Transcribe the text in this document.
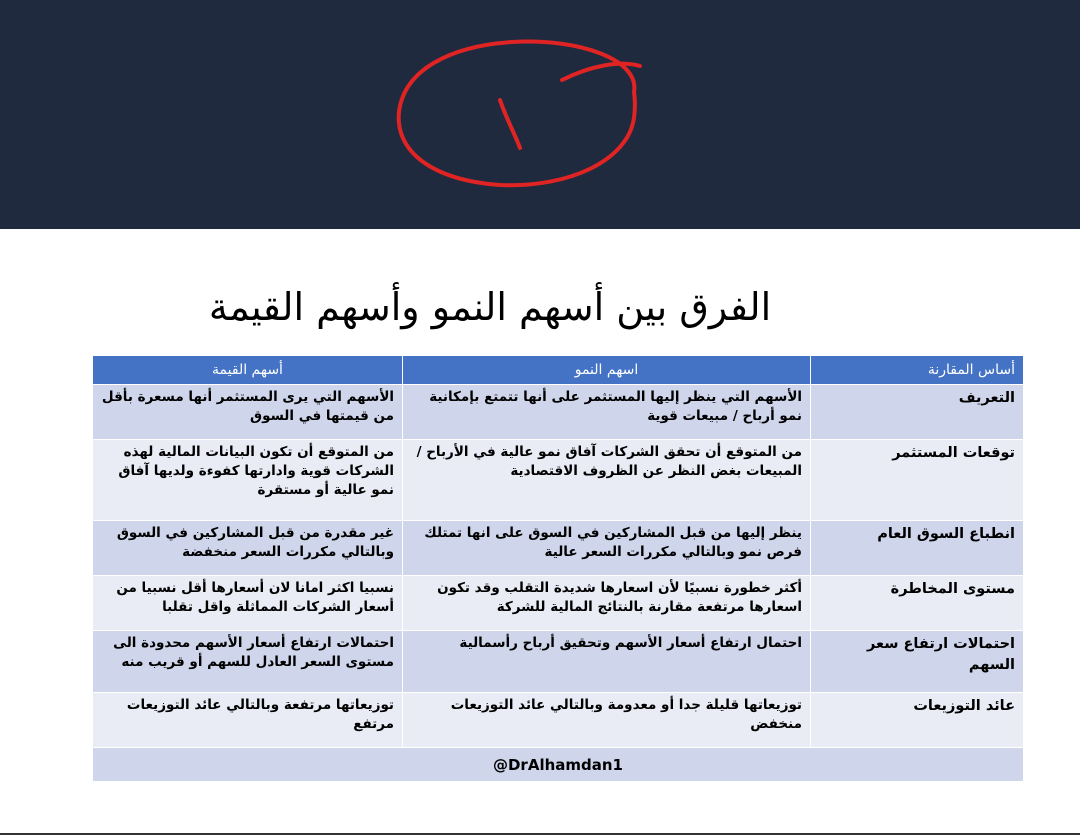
الفرق بين أسهم النمو وأسهم القيمة
أساس المقارنة	اسهم النمو	أسهم القيمة
التعريف	الأسهم التي ينظر إليها المستثمر على أنها تتمتع بإمكانية نمو أرباح / مبيعات قوية	الأسهم التي يرى المستثمر أنها مسعرة بأقل من قيمتها في السوق
توقعات المستثمر	من المتوقع أن تحقق الشركات آفاق نمو عالية في الأرباح / المبيعات بغض النظر عن الظروف الاقتصادية	من المتوقع أن تكون البيانات المالية لهذه الشركات قوية وادارتها كفوءة ولديها آفاق نمو عالية أو مستقرة
انطباع السوق العام	ينظر إليها من قبل المشاركين في السوق على انها تمتلك فرص نمو وبالتالي مكررات السعر عالية	غير مقدرة من قبل المشاركين في السوق وبالتالي مكررات السعر منخفضة
مستوى المخاطرة	أكثر خطورة نسبيًا لأن اسعارها شديدة التقلب وقد تكون اسعارها مرتفعة مقارنة بالنتائج المالية للشركة	نسبيا اكثر امانا لان أسعارها أقل نسبيا من أسعار الشركات المماثلة واقل تقلبا
احتمالات ارتفاع سعر السهم	احتمال ارتفاع أسعار الأسهم وتحقيق أرباح رأسمالية	احتمالات ارتفاع أسعار الأسهم محدودة الى مستوى السعر العادل للسهم أو قريب منه
عائد التوزيعات	توزيعاتها قليلة جدا أو معدومة وبالتالي عائد التوزيعات منخفض	توزيعاتها مرتفعة وبالتالي عائد التوزيعات مرتفع
@DrAlhamdan1		
